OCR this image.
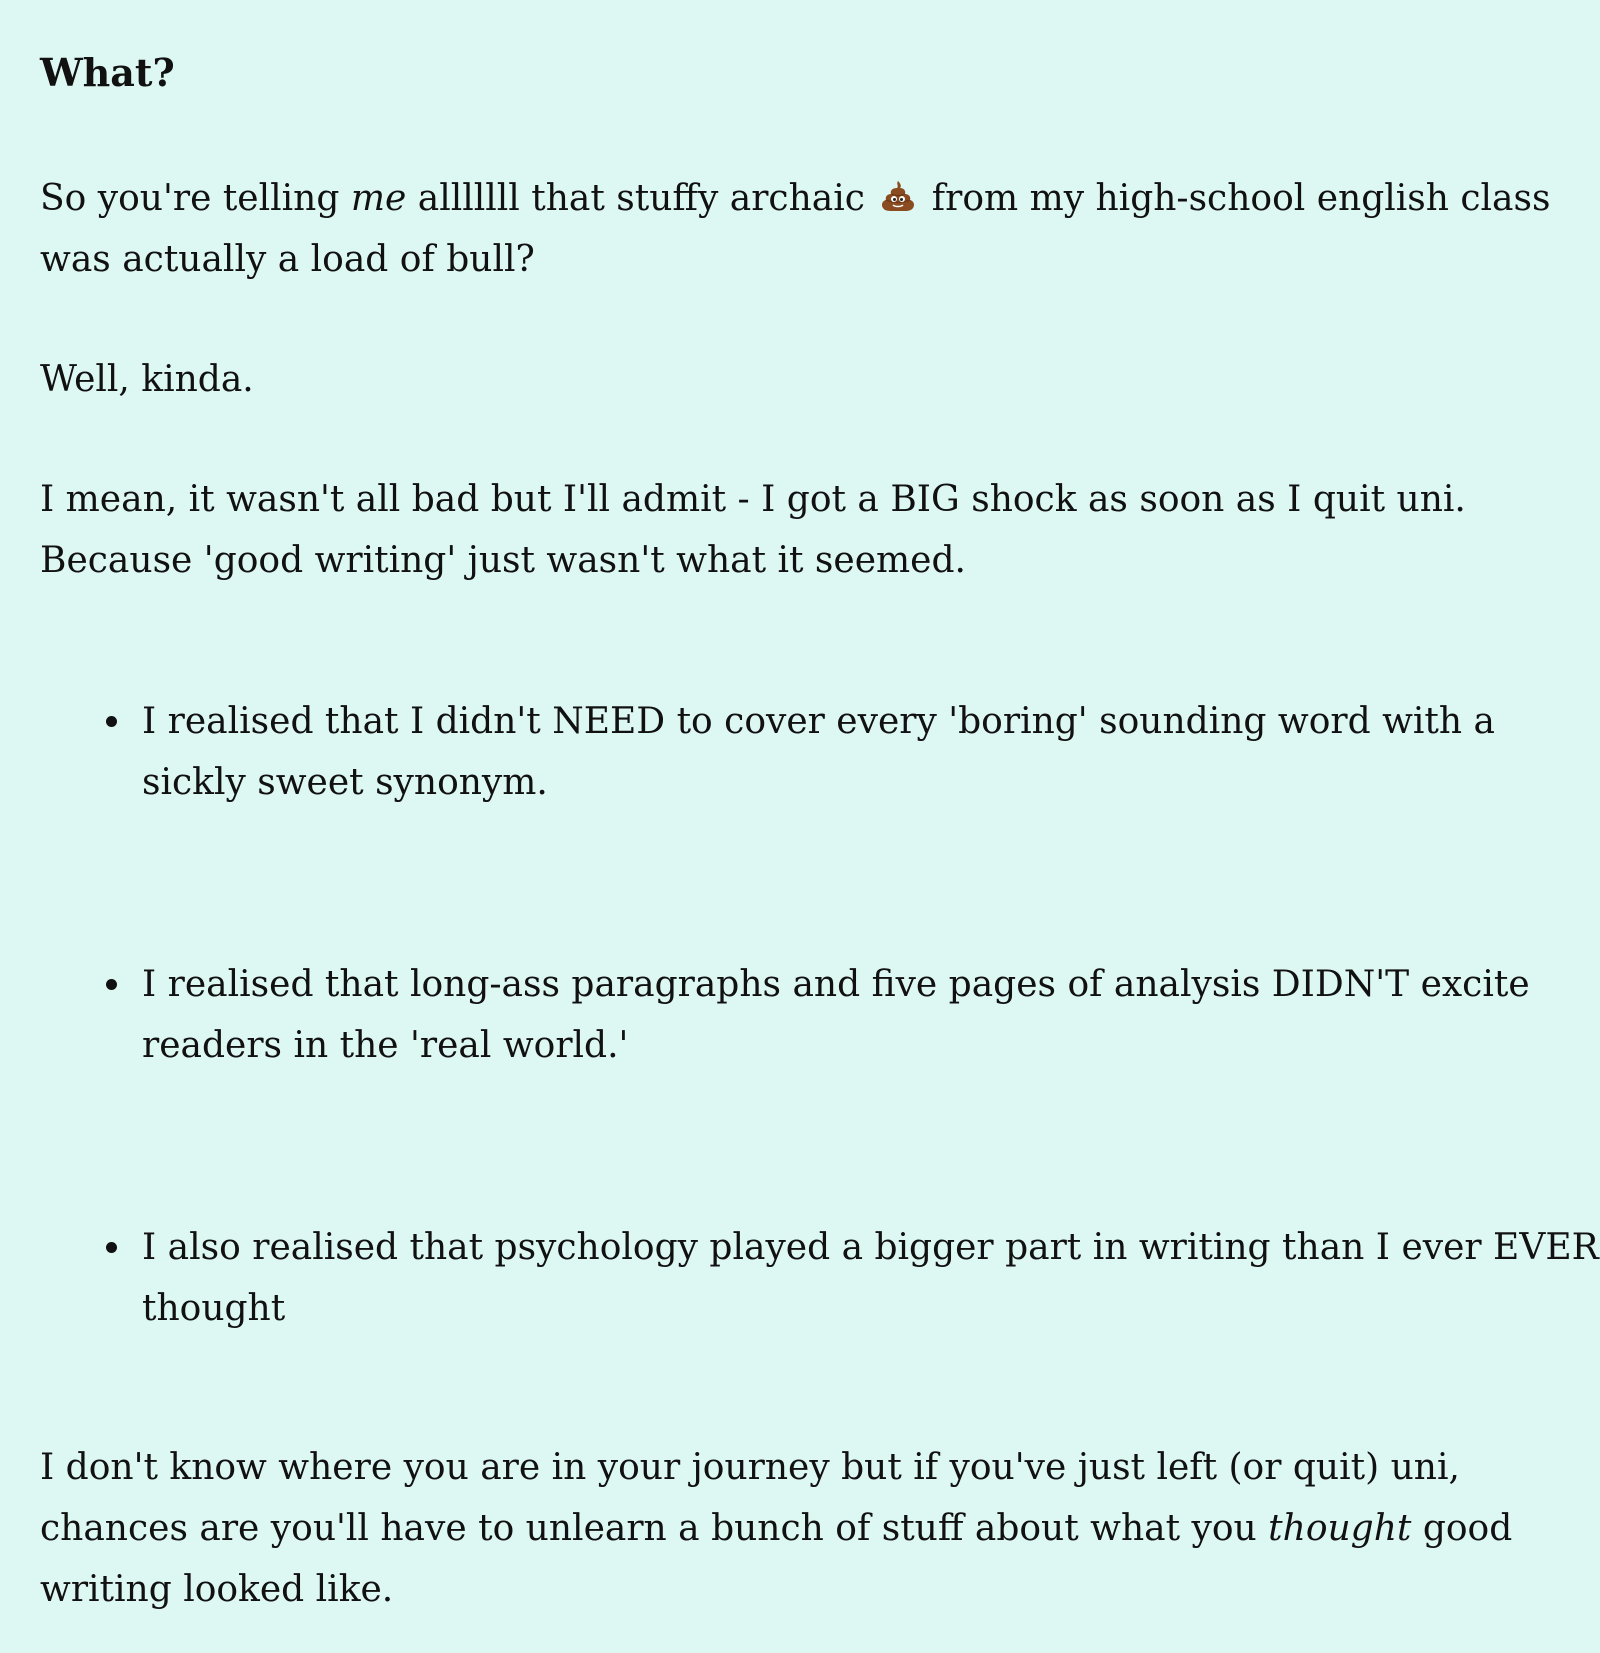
What?

So you're telling me alllllll that stuffy archaic  from my high-school english class was actually a load of bull?

Well, kinda.

I mean, it wasn't all bad but I'll admit - I got a BIG shock as soon as I quit uni. Because 'good writing' just wasn't what it seemed.

I realised that I didn't NEED to cover every 'boring' sounding word with a sickly sweet synonym.
I realised that long-ass paragraphs and five pages of analysis DIDN'T excite readers in the 'real world.'
I also realised that psychology played a bigger part in writing than I ever EVER thought

I don't know where you are in your journey but if you've just left (or quit) uni, chances are you'll have to unlearn a bunch of stuff about what you thought good writing looked like.
